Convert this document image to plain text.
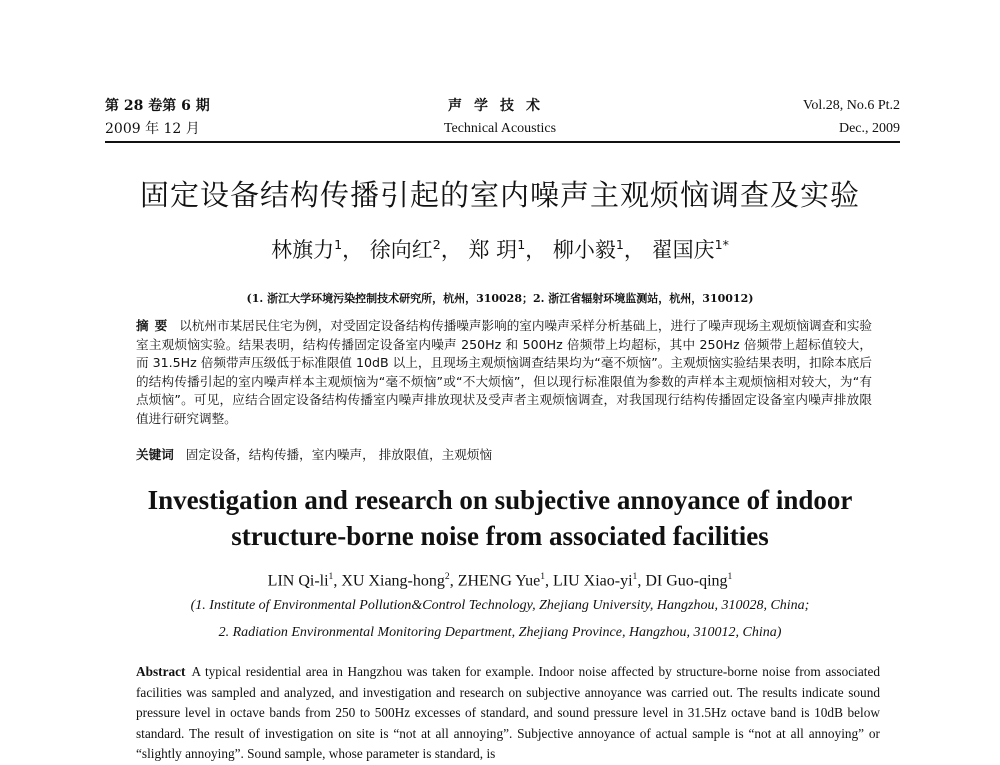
第 28 卷第 6 期
2009 年 12 月
声学技术
Technical Acoustics
Vol.28, No.6 Pt.2
Dec., 2009
固定设备结构传播引起的室内噪声主观烦恼调查及实验
林旗力$^1$， 徐向红$^2$， 郑 玥$^1$， 柳小毅$^1$， 翟国庆$^{1*}$
(1. 浙江大学环境污染控制技术研究所，杭州，310028；2. 浙江省辐射环境监测站，杭州，310012)
摘要 以杭州市某居民住宅为例，对受固定设备结构传播噪声影响的室内噪声采样分析基础上，进行了噪声现场主观烦恼调查和实验室主观烦恼实验。结果表明，结构传播固定设备室内噪声 250Hz 和 500Hz 倍频带上均超标，其中 250Hz 倍频带上超标值较大，而 31.5Hz 倍频带声压级低于标准限值 10dB 以上，且现场主观烦恼调查结果均为“毫不烦恼”。主观烦恼实验结果表明，扣除本底后的结构传播引起的室内噪声样本主观烦恼为“毫不烦恼”或“不大烦恼”，但以现行标准限值为参数的声样本主观烦恼相对较大，为“有点烦恼”。可见，应结合固定设备结构传播室内噪声排放现状及受声者主观烦恼调查，对我国现行结构传播固定设备室内噪声排放限值进行研究调整。
关键词 固定设备，结构传播，室内噪声， 排放限值，主观烦恼
Investigation and research on subjective annoyance of indoor
structure-borne noise from associated facilities
LIN $Qi-li^1$, XU Xiang-hong$^2$, ZHENG Yue$^1$, LIU Xiao-$yi^1$, DI Guo-qing$^1$
(1. Institute of Environmental Pollution&Control Technology, Zhejiang University, Hangzhou, 310028, China;
2. Radiation Environmental Monitoring Department, Zhejiang Province, Hangzhou, 310012, China)
Abstract A typical residential area in Hangzhou was taken for example. Indoor noise affected by structure-borne noise from associated facilities was sampled and analyzed, and investigation and research on subjective annoyance was carried out. The results indicate sound pressure level in octave bands from 250 to 500Hz excesses of standard, and sound pressure level in 31.5Hz octave band is 10dB below standard. The result of investigation on site is “not at all annoying”. Subjective annoyance of actual sample is “not at all annoying” or “slightly annoying”. Sound sample, whose parameter is standard, is
